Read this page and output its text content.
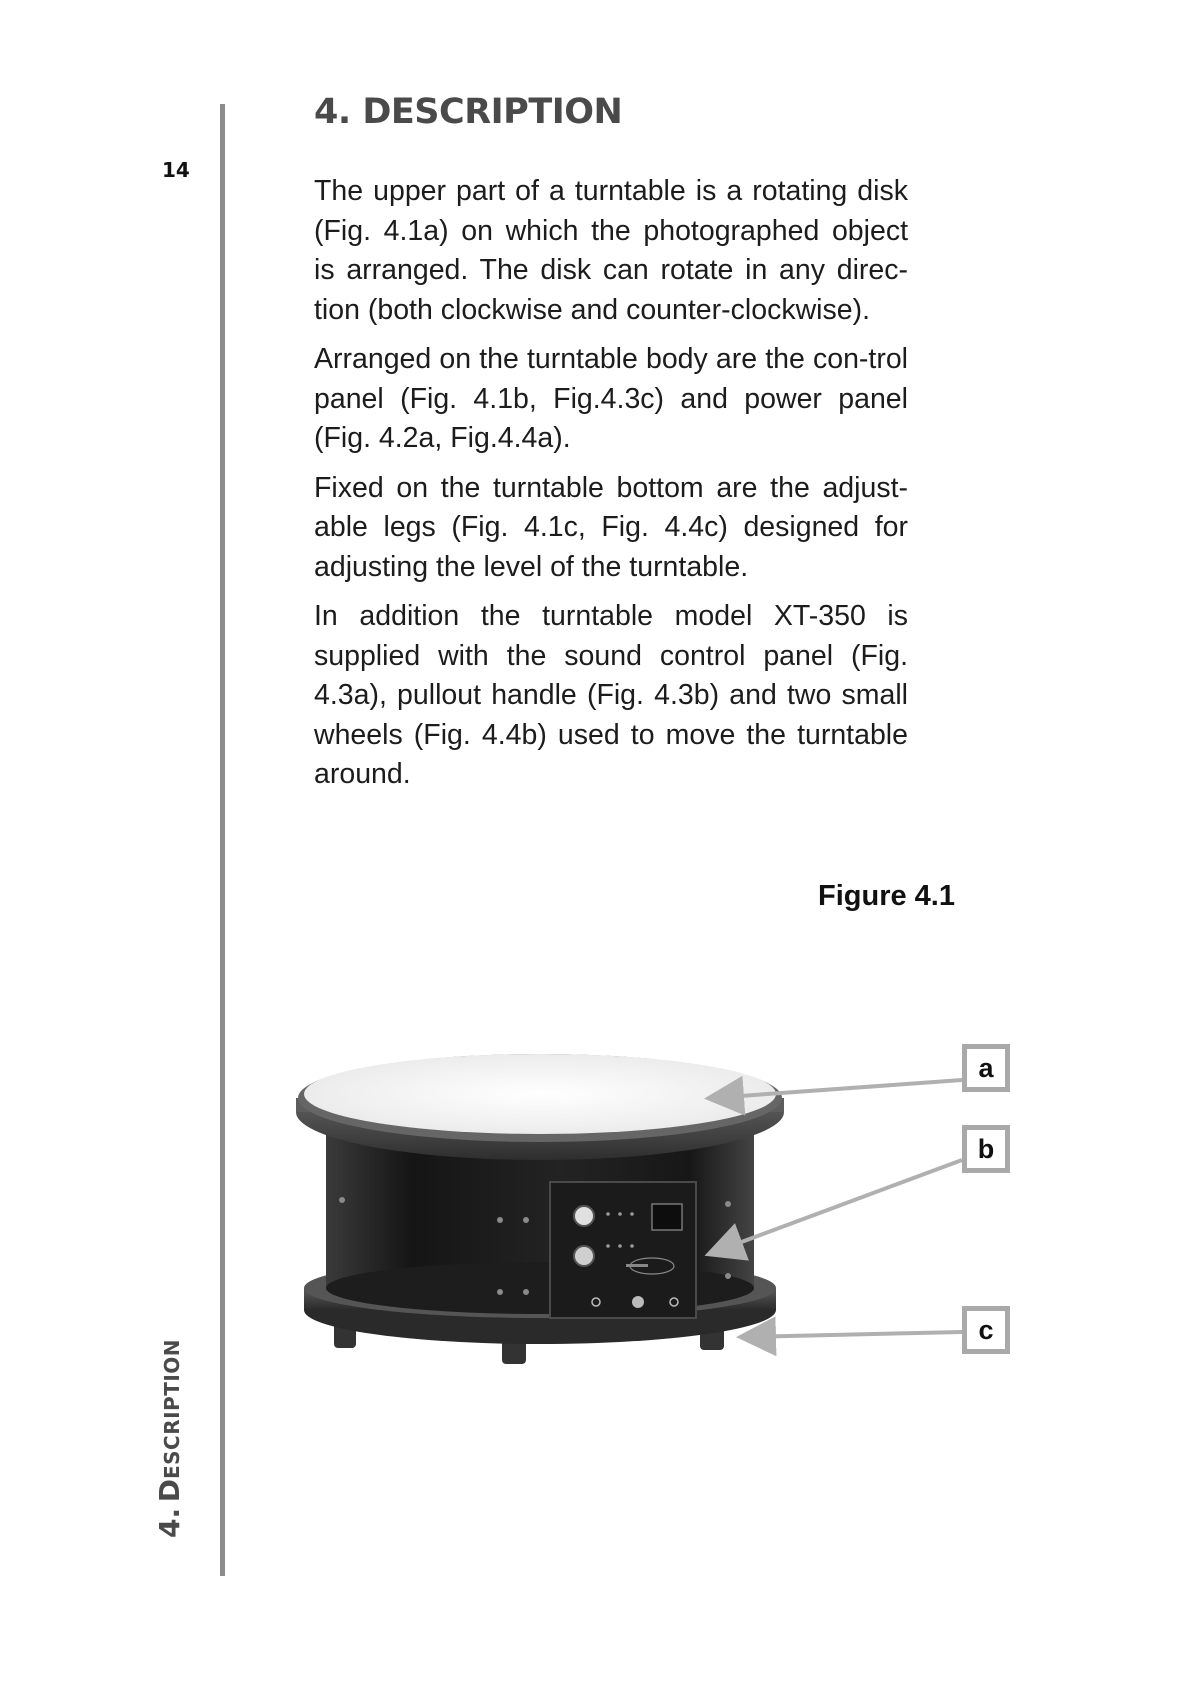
14
4. DESCRIPTION
4. DESCRIPTION

The upper part of a turntable is a rotating disk (Fig. 4.1a) on which the photographed object is arranged. The disk can rotate in any direc-tion (both clockwise and counter-clockwise).

Arranged on the turntable body are the con-trol panel (Fig. 4.1b, Fig.4.3c) and power panel (Fig. 4.2a, Fig.4.4a).

Fixed on the turntable bottom are the adjust-able legs (Fig. 4.1c, Fig. 4.4c) designed for adjusting the level of the turntable.

In addition the turntable model XT-350 is supplied with the sound control panel (Fig. 4.3a), pullout handle (Fig. 4.3b) and two small wheels (Fig. 4.4b) used to move the turntable around.

Figure 4.1
a
b
c
